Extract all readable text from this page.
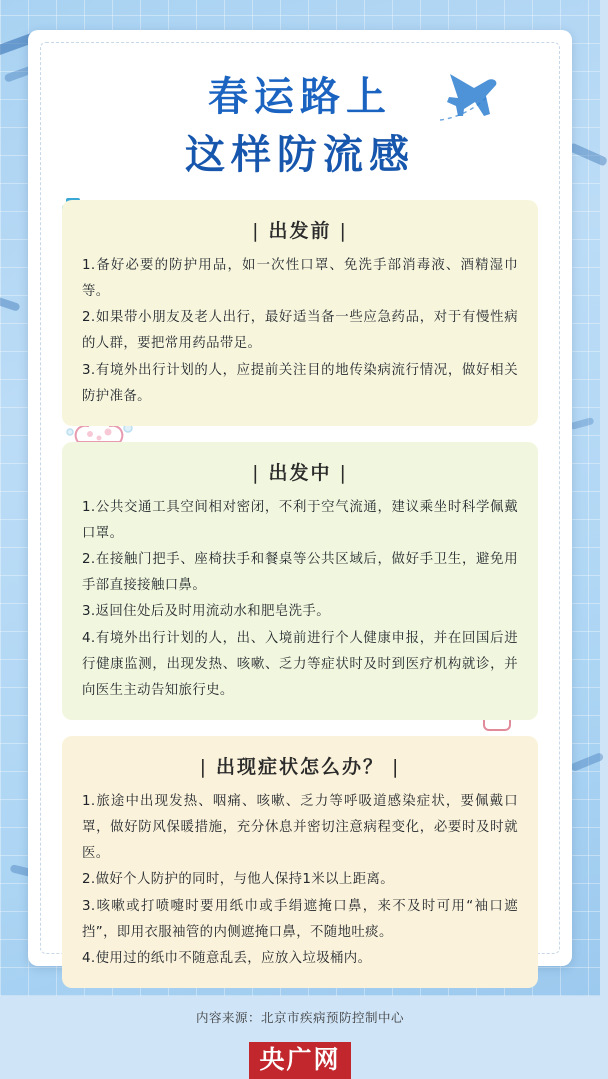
春运路上
这样防流感
| 出发前 |
1.备好必要的防护用品，如一次性口罩、免洗手部消毒液、酒精湿巾等。
2.如果带小朋友及老人出行，最好适当备一些应急药品，对于有慢性病的人群，要把常用药品带足。
3.有境外出行计划的人，应提前关注目的地传染病流行情况，做好相关防护准备。
| 出发中 |
1.公共交通工具空间相对密闭，不利于空气流通，建议乘坐时科学佩戴口罩。
2.在接触门把手、座椅扶手和餐桌等公共区域后，做好手卫生，避免用手部直接接触口鼻。
3.返回住处后及时用流动水和肥皂洗手。
4.有境外出行计划的人，出、入境前进行个人健康申报，并在回国后进行健康监测，出现发热、咳嗽、乏力等症状时及时到医疗机构就诊，并向医生主动告知旅行史。
| 出现症状怎么办？ |
1.旅途中出现发热、咽痛、咳嗽、乏力等呼吸道感染症状，要佩戴口罩，做好防风保暖措施，充分休息并密切注意病程变化，必要时及时就医。
2.做好个人防护的同时，与他人保持1米以上距离。
3.咳嗽或打喷嚏时要用纸巾或手绢遮掩口鼻，来不及时可用“袖口遮挡”，即用衣服袖管的内侧遮掩口鼻，不随地吐痰。
4.使用过的纸巾不随意乱丢，应放入垃圾桶内。
内容来源：北京市疾病预防控制中心
央广网
